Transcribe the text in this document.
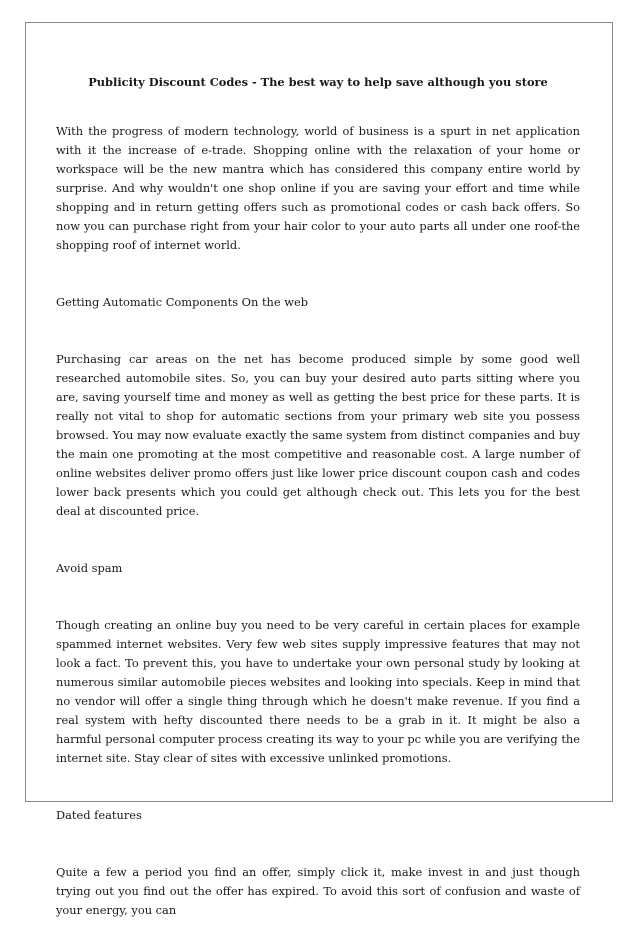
Publicity Discount Codes - The best way to help save although you store

With the progress of modern technology, world of business is a spurt in net application with it the increase of e-trade. Shopping online with the relaxation of your home or workspace will be the new mantra which has considered this company entire world by surprise. And why wouldn't one shop online if you are saving your effort and time while shopping and in return getting offers such as promotional codes or cash back offers. So now you can purchase right from your hair color to your auto parts all under one roof-the shopping roof of internet world.

Getting Automatic Components On the web

Purchasing car areas on the net has become produced simple by some good well researched automobile sites. So, you can buy your desired auto parts sitting where you are, saving yourself time and money as well as getting the best price for these parts. It is really not vital to shop for automatic sections from your primary web site you possess browsed. You may now evaluate exactly the same system from distinct companies and buy the main one promoting at the most competitive and reasonable cost. A large number of online websites deliver promo offers just like lower price discount coupon cash and codes lower back presents which you could get although check out. This lets you for the best deal at discounted price.

Avoid spam

Though creating an online buy you need to be very careful in certain places for example spammed internet websites. Very few web sites supply impressive features that may not look a fact. To prevent this, you have to undertake your own personal study by looking at numerous similar automobile pieces websites and looking into specials. Keep in mind that no vendor will offer a single thing through which he doesn't make revenue. If you find a real system with hefty discounted there needs to be a grab in it. It might be also a harmful personal computer process creating its way to your pc while you are verifying the internet site. Stay clear of sites with excessive unlinked promotions.

Dated features

Quite a few a period you find an offer, simply click it, make invest in and just though trying out you find out the offer has expired. To avoid this sort of confusion and waste of your energy, you can
